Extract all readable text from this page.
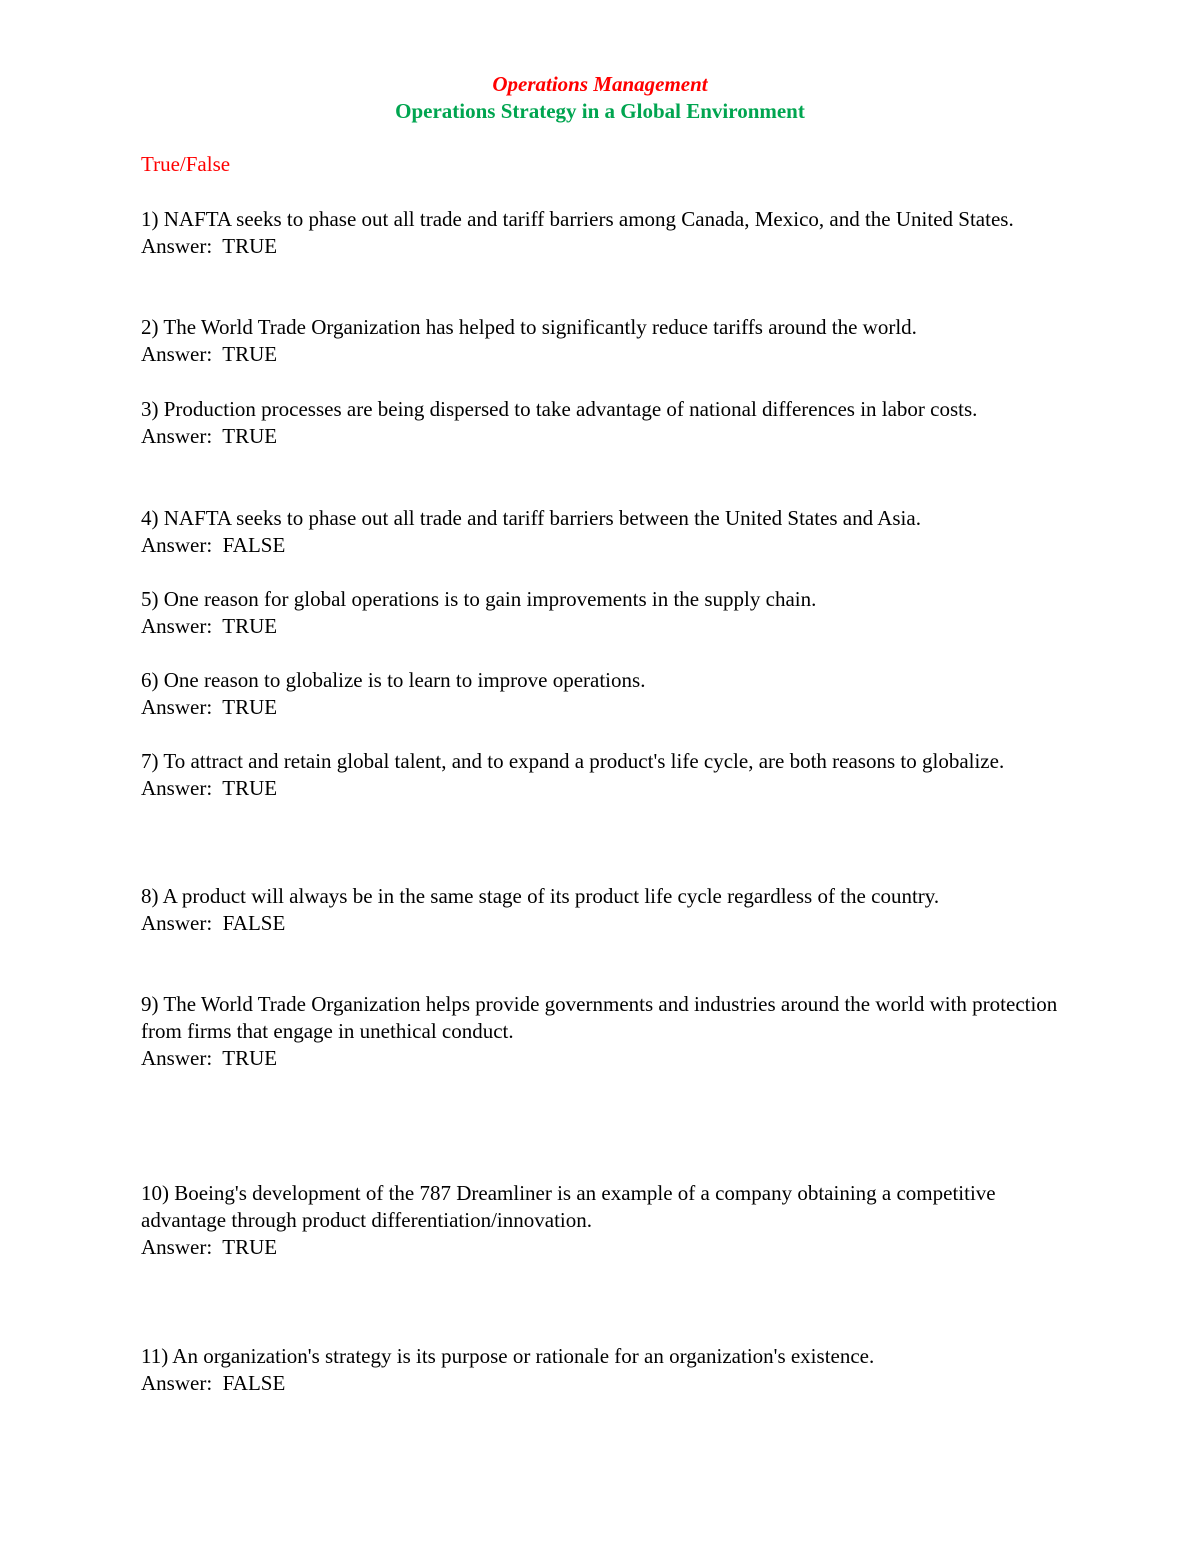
Operations Management
Operations Strategy in a Global Environment

True/False

1) NAFTA seeks to phase out all trade and tariff barriers among Canada, Mexico, and the United States.
Answer:  TRUE
2) The World Trade Organization has helped to significantly reduce tariffs around the world.
Answer:  TRUE
3) Production processes are being dispersed to take advantage of national differences in labor costs.
Answer:  TRUE
4) NAFTA seeks to phase out all trade and tariff barriers between the United States and Asia.
Answer:  FALSE
5) One reason for global operations is to gain improvements in the supply chain.
Answer:  TRUE
6) One reason to globalize is to learn to improve operations.
Answer:  TRUE
7) To attract and retain global talent, and to expand a product's life cycle, are both reasons to globalize.
Answer:  TRUE
8) A product will always be in the same stage of its product life cycle regardless of the country.
Answer:  FALSE
9) The World Trade Organization helps provide governments and industries around the world with protection from firms that engage in unethical conduct.
Answer:  TRUE
10) Boeing's development of the 787 Dreamliner is an example of a company obtaining a competitive advantage through product differentiation/innovation.
Answer:  TRUE
11) An organization's strategy is its purpose or rationale for an organization's existence.
Answer:  FALSE
